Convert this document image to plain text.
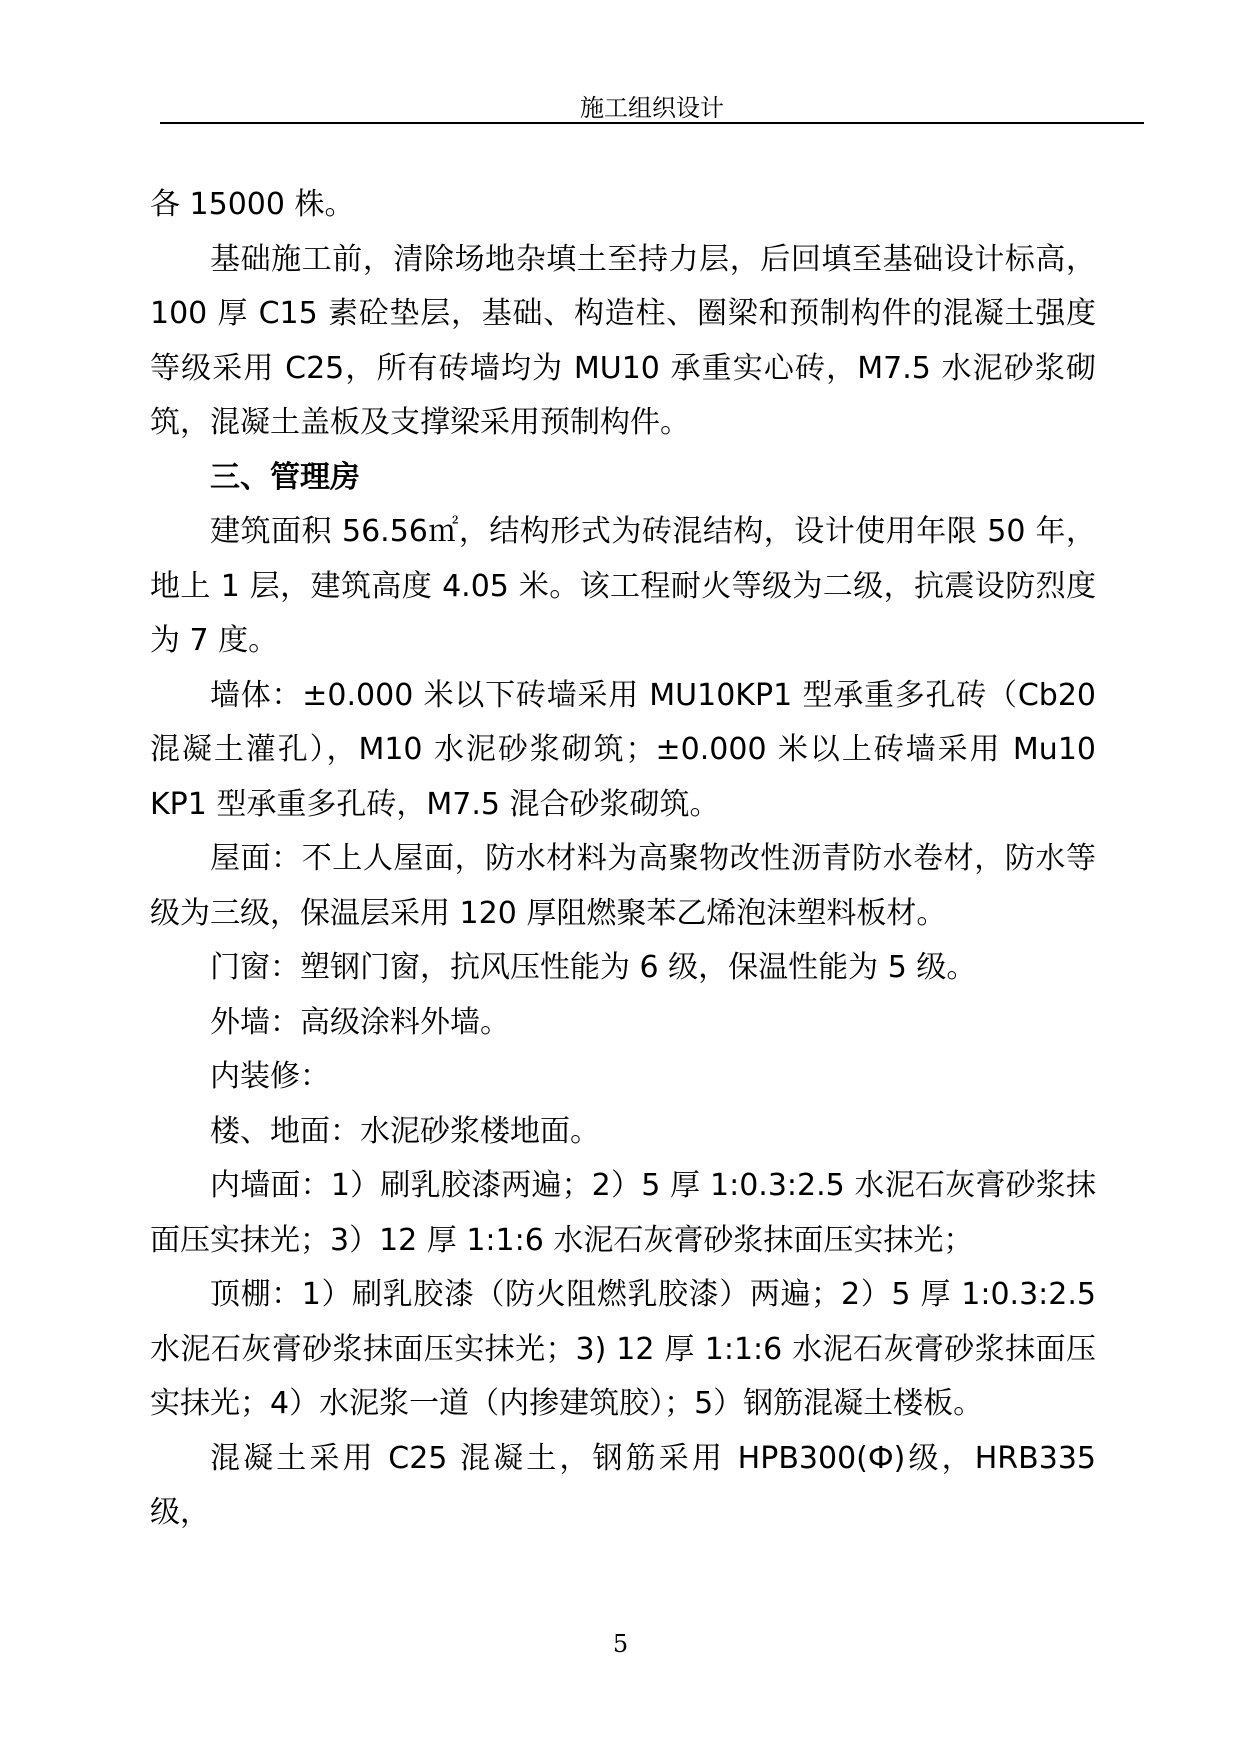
施工组织设计

各 15000 株。

基础施工前，清除场地杂填土至持力层，后回填至基础设计标高，100 厚 C15 素砼垫层，基础、构造柱、圈梁和预制构件的混凝土强度等级采用 C25，所有砖墙均为 MU10 承重实心砖，M7.5 水泥砂浆砌筑，混凝土盖板及支撑梁采用预制构件。

三、管理房

建筑面积 56.56㎡，结构形式为砖混结构，设计使用年限 50 年，地上 1 层，建筑高度 4.05 米。该工程耐火等级为二级，抗震设防烈度为 7 度。

墙体：±0.000 米以下砖墙采用 MU10KP1 型承重多孔砖（Cb20 混凝土灌孔），M10 水泥砂浆砌筑；±0.000 米以上砖墙采用 Mu10 KP1 型承重多孔砖，M7.5 混合砂浆砌筑。

屋面：不上人屋面，防水材料为高聚物改性沥青防水卷材，防水等级为三级，保温层采用 120 厚阻燃聚苯乙烯泡沫塑料板材。

门窗：塑钢门窗，抗风压性能为 6 级，保温性能为 5 级。

外墙：高级涂料外墙。

内装修：

楼、地面：水泥砂浆楼地面。

内墙面：1）刷乳胶漆两遍；2）5 厚 1:0.3:2.5 水泥石灰膏砂浆抹面压实抹光；3）12 厚 1:1:6 水泥石灰膏砂浆抹面压实抹光；

顶棚：1）刷乳胶漆（防火阻燃乳胶漆）两遍；2）5 厚 1:0.3:2.5 水泥石灰膏砂浆抹面压实抹光；3) 12 厚 1:1:6 水泥石灰膏砂浆抹面压实抹光；4）水泥浆一道（内掺建筑胶）；5）钢筋混凝土楼板。

混凝土采用 C25 混凝土，钢筋采用 HPB300(Ф)级，HRB335 级，

5
